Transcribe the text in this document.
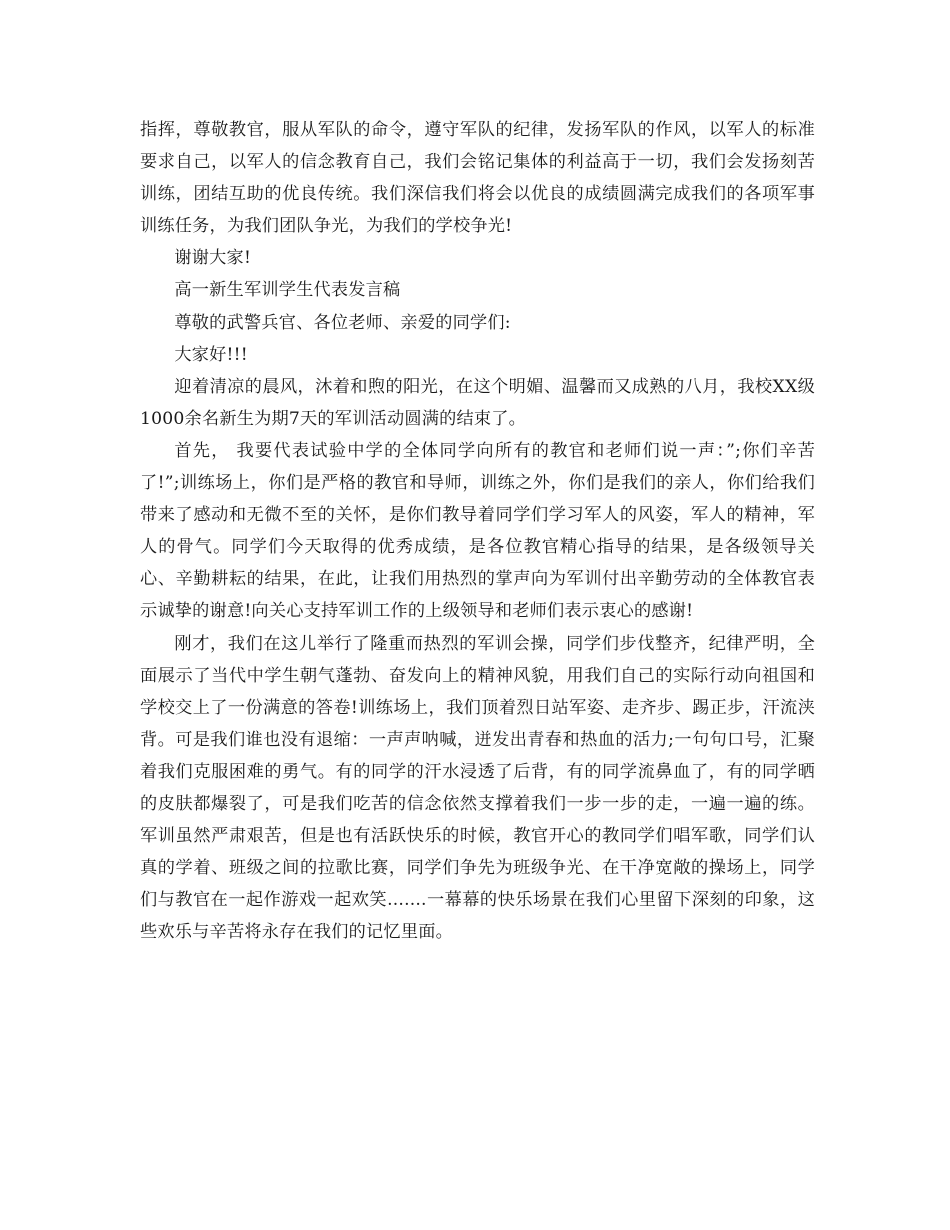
指挥，尊敬教官，服从军队的命令，遵守军队的纪律，发扬军队的作风，以军人的标准要求自己，以军人的信念教育自己，我们会铭记集体的利益高于一切，我们会发扬刻苦训练，团结互助的优良传统。我们深信我们将会以优良的成绩圆满完成我们的各项军事训练任务，为我们团队争光，为我们的学校争光!

谢谢大家!

高一新生军训学生代表发言稿

尊敬的武警兵官、各位老师、亲爱的同学们:

大家好!!!

迎着清凉的晨风，沐着和煦的阳光，在这个明媚、温馨而又成熟的八月，我校XX级1000余名新生为期7天的军训活动圆满的结束了。

首先， 我要代表试验中学的全体同学向所有的教官和老师们说一声：”;你们辛苦了!”;训练场上，你们是严格的教官和导师，训练之外，你们是我们的亲人，你们给我们带来了感动和无微不至的关怀，是你们教导着同学们学习军人的风姿，军人的精神，军人的骨气。同学们今天取得的优秀成绩，是各位教官精心指导的结果，是各级领导关心、辛勤耕耘的结果，在此，让我们用热烈的掌声向为军训付出辛勤劳动的全体教官表示诚挚的谢意!向关心支持军训工作的上级领导和老师们表示衷心的感谢!

刚才，我们在这儿举行了隆重而热烈的军训会操，同学们步伐整齐，纪律严明，全面展示了当代中学生朝气蓬勃、奋发向上的精神风貌，用我们自己的实际行动向祖国和学校交上了一份满意的答卷!训练场上，我们顶着烈日站军姿、走齐步、踢正步，汗流浃背。可是我们谁也没有退缩：一声声呐喊，迸发出青春和热血的活力;一句句口号，汇聚着我们克服困难的勇气。有的同学的汗水浸透了后背，有的同学流鼻血了，有的同学晒的皮肤都爆裂了，可是我们吃苦的信念依然支撑着我们一步一步的走，一遍一遍的练。军训虽然严肃艰苦，但是也有活跃快乐的时候，教官开心的教同学们唱军歌，同学们认真的学着、班级之间的拉歌比赛，同学们争先为班级争光、在干净宽敞的操场上，同学们与教官在一起作游戏一起欢笑.......一幕幕的快乐场景在我们心里留下深刻的印象，这些欢乐与辛苦将永存在我们的记忆里面。
